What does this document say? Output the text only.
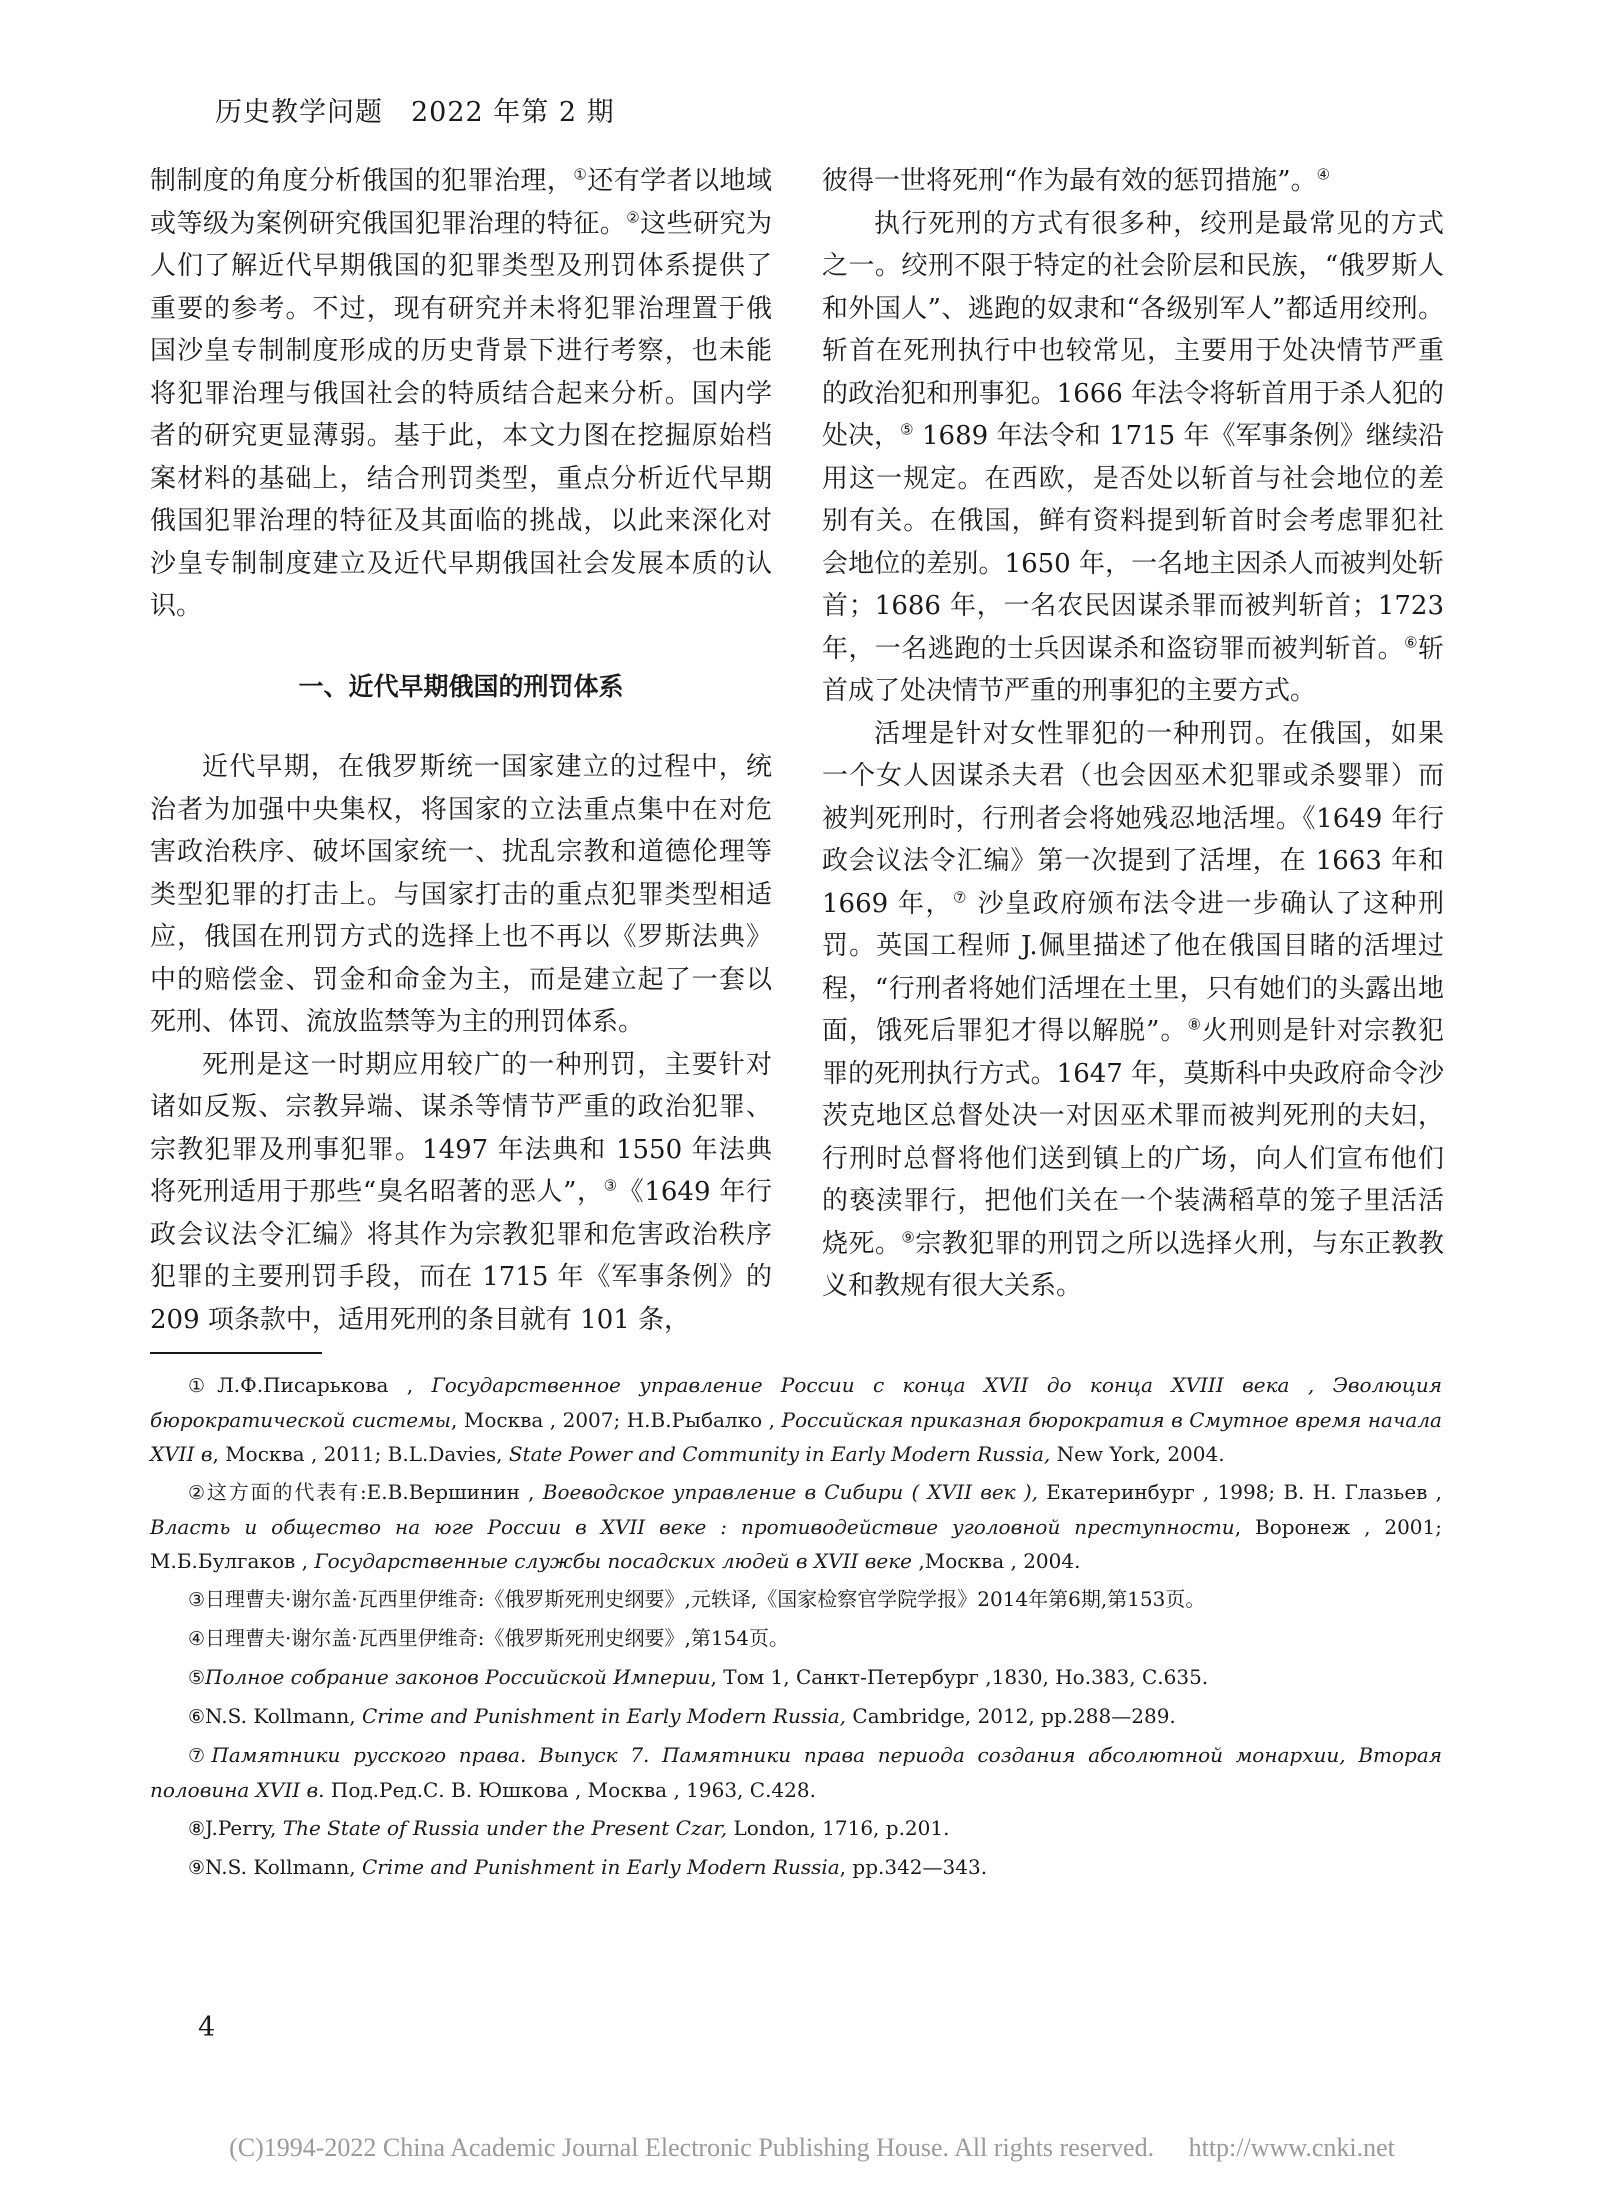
历史教学问题　2022 年第 2 期

制制度的角度分析俄国的犯罪治理，①还有学者以地域或等级为案例研究俄国犯罪治理的特征。②这些研究为人们了解近代早期俄国的犯罪类型及刑罚体系提供了重要的参考。不过，现有研究并未将犯罪治理置于俄国沙皇专制制度形成的历史背景下进行考察，也未能将犯罪治理与俄国社会的特质结合起来分析。国内学者的研究更显薄弱。基于此，本文力图在挖掘原始档案材料的基础上，结合刑罚类型，重点分析近代早期俄国犯罪治理的特征及其面临的挑战，以此来深化对沙皇专制制度建立及近代早期俄国社会发展本质的认识。

一、近代早期俄国的刑罚体系

近代早期，在俄罗斯统一国家建立的过程中，统治者为加强中央集权，将国家的立法重点集中在对危害政治秩序、破坏国家统一、扰乱宗教和道德伦理等类型犯罪的打击上。与国家打击的重点犯罪类型相适应，俄国在刑罚方式的选择上也不再以《罗斯法典》中的赔偿金、罚金和命金为主，而是建立起了一套以死刑、体罚、流放监禁等为主的刑罚体系。

死刑是这一时期应用较广的一种刑罚，主要针对诸如反叛、宗教异端、谋杀等情节严重的政治犯罪、宗教犯罪及刑事犯罪。1497 年法典和 1550 年法典将死刑适用于那些“臭名昭著的恶人”，③《1649 年行政会议法令汇编》将其作为宗教犯罪和危害政治秩序犯罪的主要刑罚手段，而在 1715 年《军事条例》的 209 项条款中，适用死刑的条目就有 101 条，

彼得一世将死刑“作为最有效的惩罚措施”。④

执行死刑的方式有很多种，绞刑是最常见的方式之一。绞刑不限于特定的社会阶层和民族，“俄罗斯人和外国人”、逃跑的奴隶和“各级别军人”都适用绞刑。斩首在死刑执行中也较常见，主要用于处决情节严重的政治犯和刑事犯。1666 年法令将斩首用于杀人犯的处决，⑤ 1689 年法令和 1715 年《军事条例》继续沿用这一规定。在西欧，是否处以斩首与社会地位的差别有关。在俄国，鲜有资料提到斩首时会考虑罪犯社会地位的差别。1650 年，一名地主因杀人而被判处斩首；1686 年，一名农民因谋杀罪而被判斩首；1723 年，一名逃跑的士兵因谋杀和盗窃罪而被判斩首。⑥斩首成了处决情节严重的刑事犯的主要方式。

活埋是针对女性罪犯的一种刑罚。在俄国，如果一个女人因谋杀夫君（也会因巫术犯罪或杀婴罪）而被判死刑时，行刑者会将她残忍地活埋。《1649 年行政会议法令汇编》第一次提到了活埋，在 1663 年和 1669 年，⑦ 沙皇政府颁布法令进一步确认了这种刑罚。英国工程师 J.佩里描述了他在俄国目睹的活埋过程，“行刑者将她们活埋在土里，只有她们的头露出地面，饿死后罪犯才得以解脱”。⑧火刑则是针对宗教犯罪的死刑执行方式。1647 年，莫斯科中央政府命令沙茨克地区总督处决一对因巫术罪而被判死刑的夫妇，行刑时总督将他们送到镇上的广场，向人们宣布他们的亵渎罪行，把他们关在一个装满稻草的笼子里活活烧死。⑨宗教犯罪的刑罚之所以选择火刑，与东正教教义和教规有很大关系。

①Л.Ф.Писарькова , Государственное управление России с конца XVII до конца XVIII века , Эволюция бюрократической системы, Москва , 2007; Н.В.Рыбалко , Российская приказная бюрократия в Смутное время начала XVII в, Москва , 2011; B.L.Davies, State Power and Community in Early Modern Russia, New York, 2004.

②这方面的代表有:Е.В.Вершинин , Воеводское управление в Сибири ( XVII век ), Екатеринбург , 1998; В. Н. Глазьев , Власть и общество на юге России в XVII веке : противодействие уголовной преступности, Воронеж , 2001; М.Б.Булгаков , Государственные службы посадских людей в XVII веке ,Москва , 2004.

③日理曹夫·谢尔盖·瓦西里伊维奇:《俄罗斯死刑史纲要》,元轶译,《国家检察官学院学报》2014年第6期,第153页。

④日理曹夫·谢尔盖·瓦西里伊维奇:《俄罗斯死刑史纲要》,第154页。

⑤Полное собрание законов Российской Империи, Том 1, Санкт-Петербург ,1830, Но.383, С.635.

⑥N.S. Kollmann, Crime and Punishment in Early Modern Russia, Cambridge, 2012, pp.288—289.

⑦Памятники русского права. Выпуск 7. Памятники права периода создания абсолютной монархии, Вторая половина XVII в. Под.Ред.С. В. Юшкова , Москва , 1963, С.428.

⑧J.Perry, The State of Russia under the Present Czar, London, 1716, p.201.

⑨N.S. Kollmann, Crime and Punishment in Early Modern Russia, pp.342—343.

4
(C)1994-2022 China Academic Journal Electronic Publishing House. All rights reserved. http://www.cnki.net
